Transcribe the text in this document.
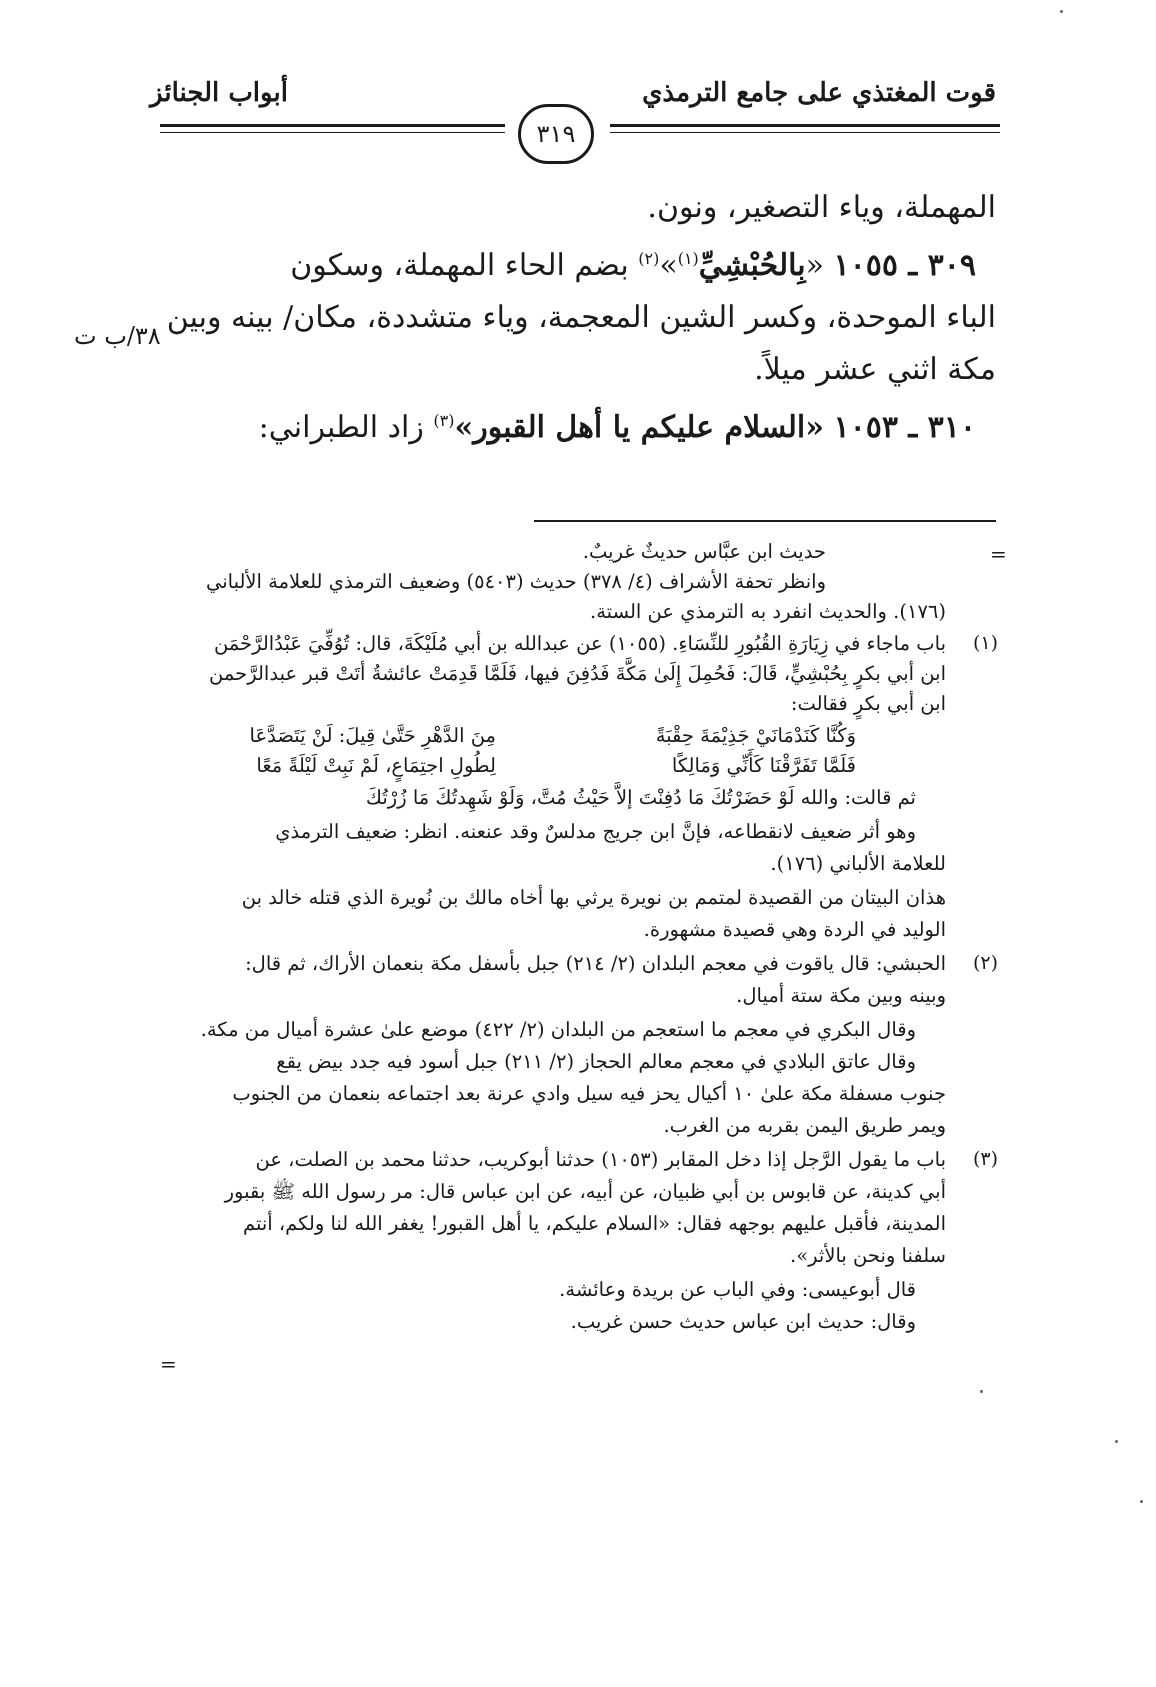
قوت المغتذي على جامع الترمذي
أبواب الجنائز
٣١٩
المهملة، وياء التصغير، ونون.
٣٠٩ ـ ١٠٥٥ «بِالحُبْشِيِّ$^{(١)}$»$^{(٢)}$ بضم الحاء المهملة، وسكون
الباء الموحدة، وكسر الشين المعجمة، وياء متشددة، مكان/ بينه وبين
مكة اثني عشر ميلاً.
٣١٠ ـ ١٠٥٣ «السلام عليكم يا أهل القبور»$^{(٣)}$ زاد الطبراني:
٣٨/ب ت
=
حديث ابن عبَّاس حديثٌ غريبٌ.
وانظر تحفة الأشراف (٤/ ٣٧٨) حديث (٥٤٠٣) وضعيف الترمذي للعلامة الألباني
(١٧٦). والحديث انفرد به الترمذي عن الستة.
(١)
باب ماجاء في زِيَارَةِ القُبُورِ للنِّسَاءِ. (١٠٥٥) عن عبدالله بن أبي مُلَيْكَةَ، قال: تُوُفِّيَ عَبْدُالرَّحْمَن
ابن أبي بكرٍ بِحُبْشِيٍّ، قَالَ: فَحُمِلَ إِلَىٰ مَكَّةَ فَدُفِنَ فيها، فَلَمَّا قَدِمَتْ عائشةُ أتَتْ قبر عبدالرَّحمن
ابن أبي بكرٍ فقالت:
وَكُنَّا كَنَدْمَانَيْ جَذِيْمَةَ حِقْبَةً
مِنَ الدَّهْرِ حَتَّىٰ قِيلَ: لَنْ يَتَصَدَّعَا
فَلَمَّا تَفَرَّقْنَا كَأَنِّي وَمَالِكًا
لِطُولِ اجتِمَاعٍ، لَمْ نَبِتْ لَيْلَةً مَعًا
ثم قالت: والله لَوْ حَضَرْتُكَ مَا دُفِنْتَ إلاَّ حَيْثُ مُتَّ، وَلَوْ شَهِدتُكَ مَا زُرْتُكَ
وهو أثر ضعيف لانقطاعه، فإنَّ ابن جريج مدلسٌ وقد عنعنه. انظر: ضعيف الترمذي
للعلامة الألباني (١٧٦).
هذان البيتان من القصيدة لمتمم بن نويرة يرثي بها أخاه مالك بن نُويرة الذي قتله خالد بن
الوليد في الردة وهي قصيدة مشهورة.
(٢)
الحبشي: قال ياقوت في معجم البلدان (٢/ ٢١٤) جبل بأسفل مكة بنعمان الأراك، ثم قال:
وبينه وبين مكة ستة أميال.
وقال البكري في معجم ما استعجم من البلدان (٢/ ٤٢٢) موضع علىٰ عشرة أميال من مكة.
وقال عاتق البلادي في معجم معالم الحجاز (٢/ ٢١١) جبل أسود فيه جدد بيض يقع
جنوب مسفلة مكة علىٰ ١٠ أكيال يحز فيه سيل وادي عرنة بعد اجتماعه بنعمان من الجنوب
ويمر طريق اليمن بقربه من الغرب.
(٣)
باب ما يقول الرَّجل إذا دخل المقابر (١٠٥٣) حدثنا أبوكريب، حدثنا محمد بن الصلت، عن
أبي كدينة، عن قابوس بن أبي ظبيان، عن أبيه، عن ابن عباس قال: مر رسول الله ﷺ بقبور
المدينة، فأقبل عليهم بوجهه فقال: «السلام عليكم، يا أهل القبور! يغفر الله لنا ولكم، أنتم
سلفنا ونحن بالأثر».
قال أبوعيسى: وفي الباب عن بريدة وعائشة.
وقال: حديث ابن عباس حديث حسن غريب.
=
